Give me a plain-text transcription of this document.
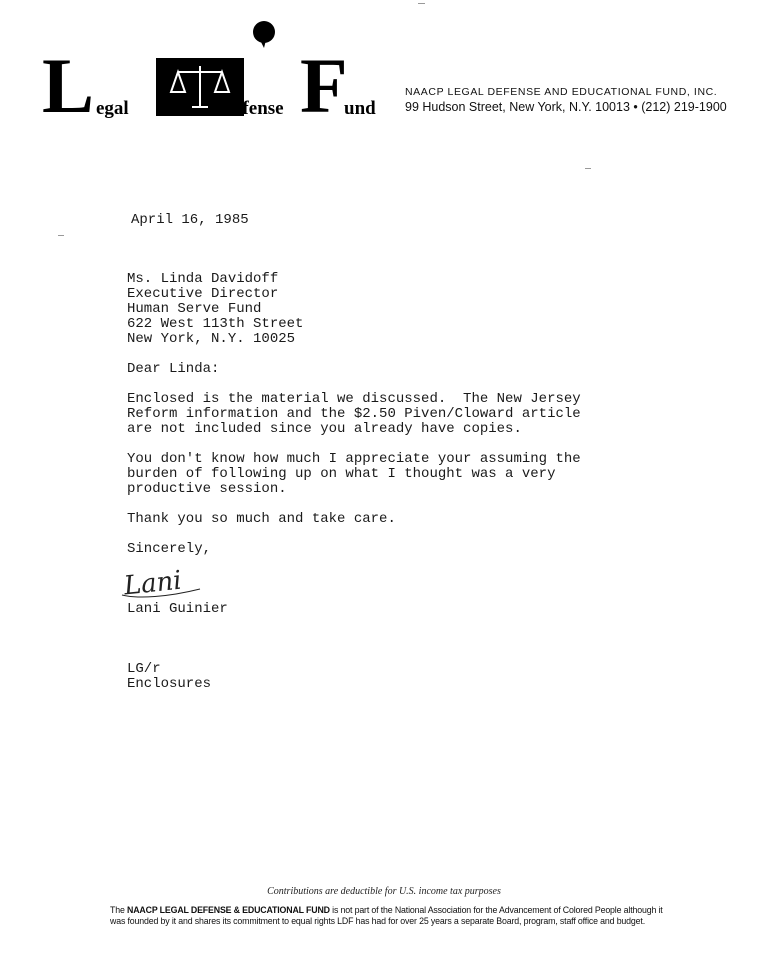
L egal D
efense F
und
NAACP LEGAL DEFENSE AND EDUCATIONAL FUND, INC.
99 Hudson Street, New York, N.Y. 10013 • (212) 219-1900
April 16, 1985
Ms. Linda Davidoff
Executive Director
Human Serve Fund
622 West 113th Street
New York, N.Y. 10025
Dear Linda:
Enclosed is the material we discussed.  The New Jersey
Reform information and the $2.50 Piven/Cloward article
are not included since you already have copies.
You don't know how much I appreciate your assuming the
burden of following up on what I thought was a very
productive session.
Thank you so much and take care.
Sincerely,
Lani Guinier
LG/r
Enclosures
Lani
Contributions are deductible for U.S. income tax purposes
The NAACP LEGAL DEFENSE & EDUCATIONAL FUND is not part of the National Association for the Advancement of Colored People although it
was founded by it and shares its commitment to equal rights LDF has had for over 25 years a separate Board, program, staff office and budget.
